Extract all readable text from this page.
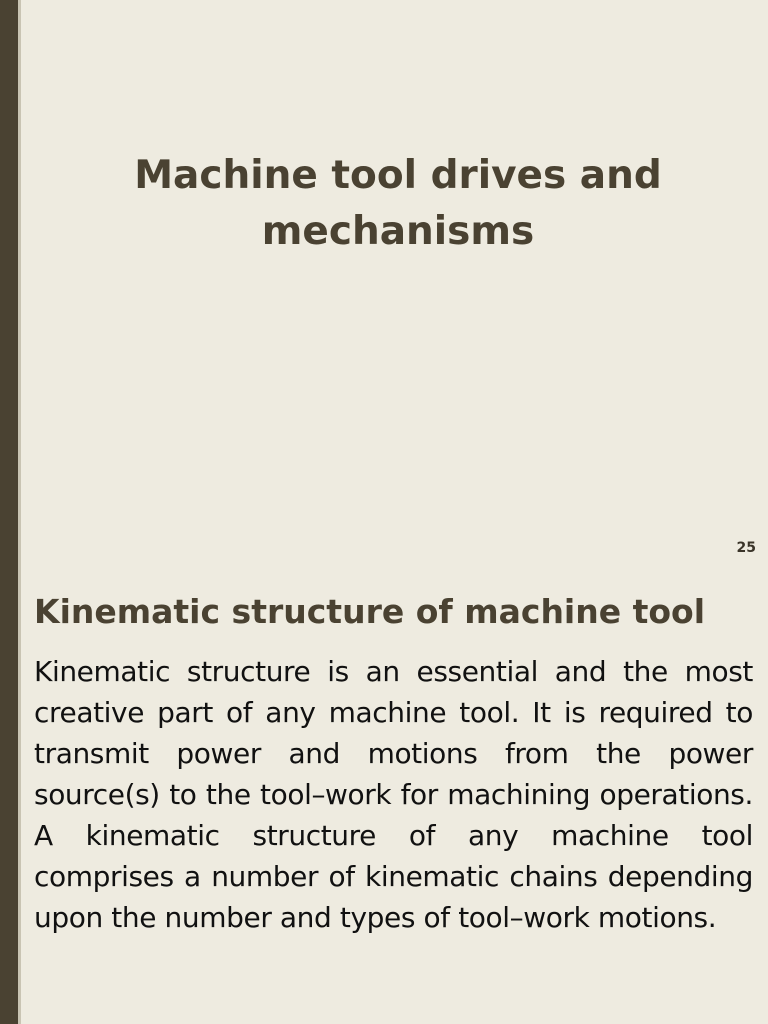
Machine tool drives and mechanisms
25
Kinematic structure of machine tool

Kinematic structure is an essential and the most creative part of any machine tool. It is required to transmit power and motions from the power source(s) to the tool–work for machining operations. A kinematic structure of any machine tool comprises a number of kinematic chains depending upon the number and types of tool–work motions.
